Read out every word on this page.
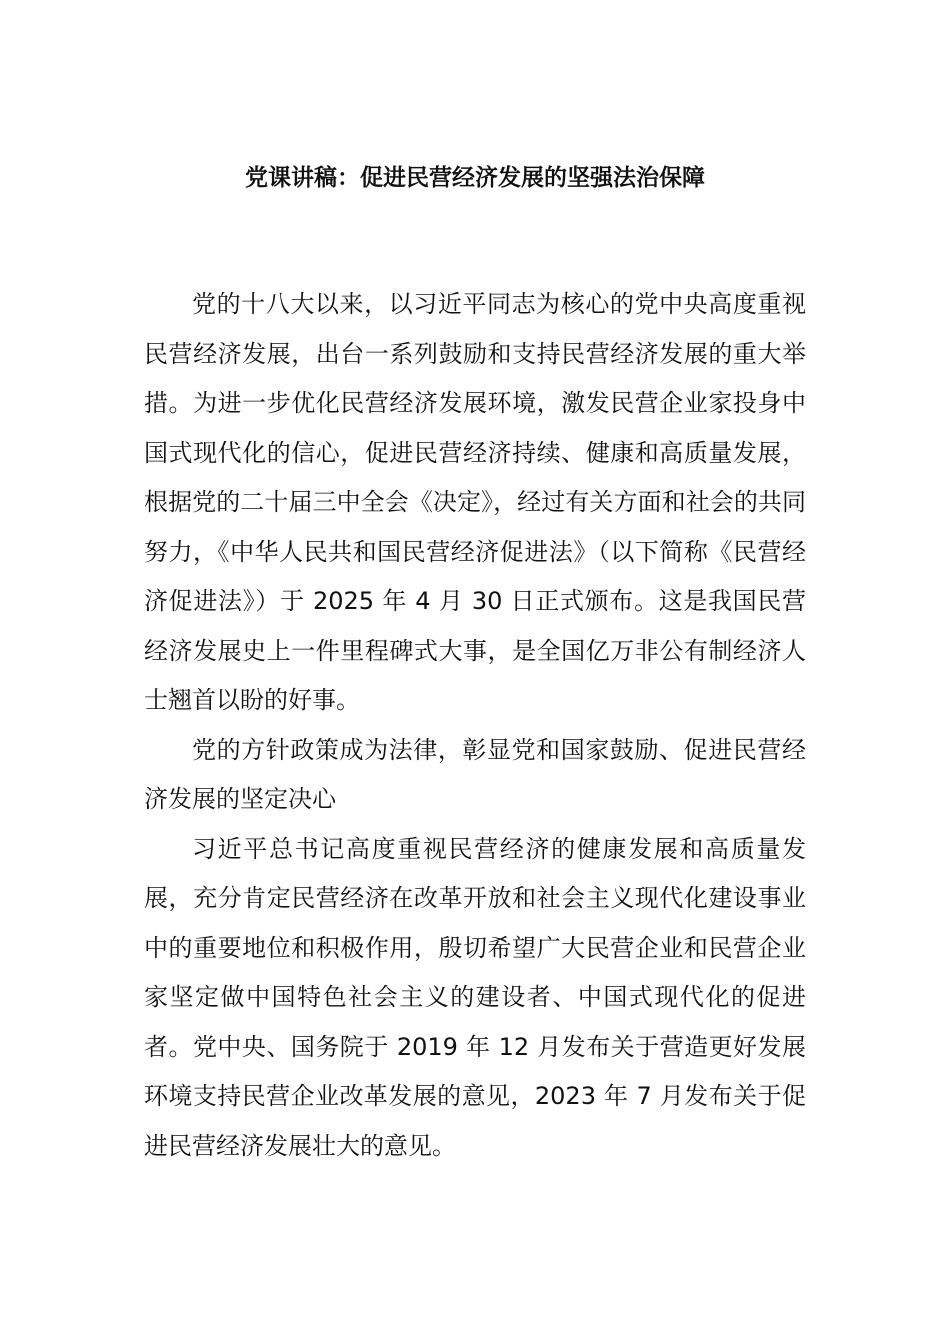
党课讲稿：促进民营经济发展的坚强法治保障

党的十八大以来，以习近平同志为核心的党中央高度重视民营经济发展，出台一系列鼓励和支持民营经济发展的重大举措。为进一步优化民营经济发展环境，激发民营企业家投身中国式现代化的信心，促进民营经济持续、健康和高质量发展，根据党的二十届三中全会《决定》，经过有关方面和社会的共同努力，《中华人民共和国民营经济促进法》（以下简称《民营经济促进法》）于 2025 年 4 月 30 日正式颁布。这是我国民营经济发展史上一件里程碑式大事，是全国亿万非公有制经济人士翘首以盼的好事。

党的方针政策成为法律，彰显党和国家鼓励、促进民营经济发展的坚定决心

习近平总书记高度重视民营经济的健康发展和高质量发展，充分肯定民营经济在改革开放和社会主义现代化建设事业中的重要地位和积极作用，殷切希望广大民营企业和民营企业家坚定做中国特色社会主义的建设者、中国式现代化的促进者。党中央、国务院于 2019 年 12 月发布关于营造更好发展环境支持民营企业改革发展的意见，2023 年 7 月发布关于促进民营经济发展壮大的意见。
